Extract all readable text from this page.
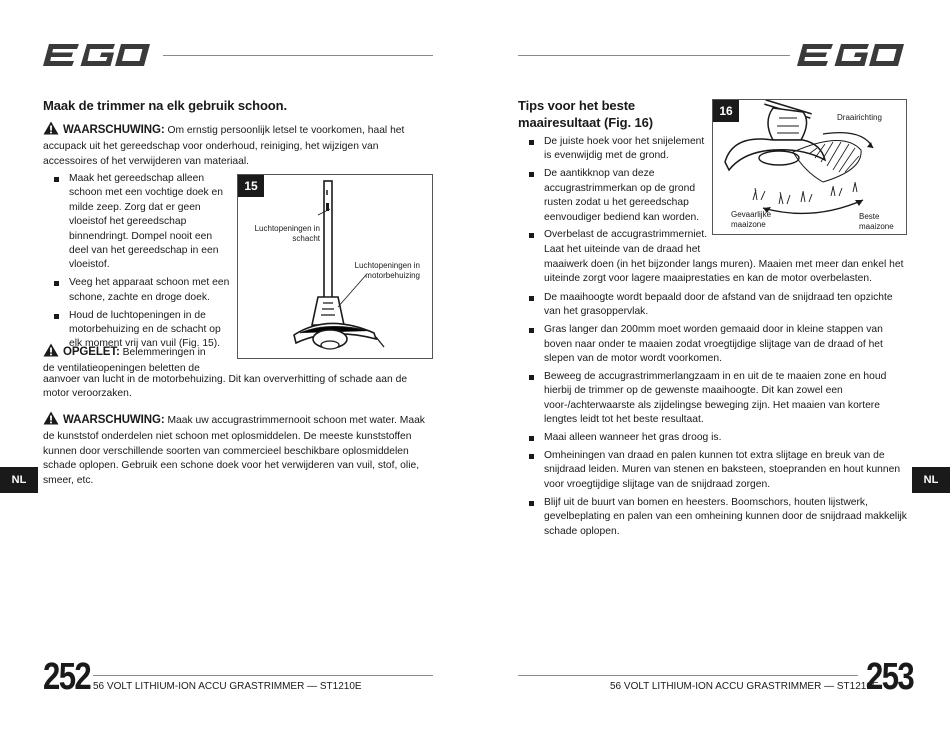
Maak de trimmer na elk gebruik schoon.
WAARSCHUWING: Om ernstig persoonlijk letsel te voorkomen, haal het accupack uit het gereedschap voor onderhoud, reiniging, het wijzigen van accessoires of het verwijderen van materiaal.
Maak het gereedschap alleen schoon met een vochtige doek en milde zeep. Zorg dat er geen vloeistof het gereedschap binnendringt. Dompel nooit een deel van het gereedschap in een vloeistof.
Veeg het apparaat schoon met een schone, zachte en droge doek.
Houd de luchtopeningen in de motorbehuizing en de schacht op elk moment vrij van vuil (Fig. 15).
15
Luchtopeningen in
schacht
Luchtopeningen in
motorbehuizing
OPGELET: Belemmeringen in
de ventilatieopeningen beletten de
aanvoer van lucht in de motorbehuizing. Dit kan oververhitting of schade aan de motor veroorzaken.
WAARSCHUWING: Maak uw accugrastrimmernooit schoon met water. Maak de kunststof onderdelen niet schoon met oplosmiddelen. De meeste kunststoffen kunnen door verschillende soorten van commercieel beschikbare oplosmiddelen schade oplopen. Gebruik een schone doek voor het verwijderen van vuil, stof, olie, smeer, etc.
NL
252 56 VOLT LITHIUM-ION ACCU GRASTRIMMER — ST1210E
Tips voor het beste
maairesultaat (Fig. 16)
De juiste hoek voor het snijelement is evenwijdig met de grond.
De aantikknop van deze accugrastrimmerkan op de grond rusten zodat u het gereedschap eenvoudiger bediend kan worden.
Overbelast de accugrastrimmerniet.
Laat het uiteinde van de draad het
maaiwerk doen (in het bijzonder langs muren). Maaien met meer dan enkel het uiteinde zorgt voor lagere maaiprestaties en kan de motor overbelasten.
De maaihoogte wordt bepaald door de afstand van de snijdraad ten opzichte van het grasoppervlak.
Gras langer dan 200mm moet worden gemaaid door in kleine stappen van boven naar onder te maaien zodat vroegtijdige slijtage van de draad of het slepen van de motor wordt voorkomen.
Beweeg de accugrastrimmerlangzaam in en uit de te maaien zone en houd hierbij de trimmer op de gewenste maaihoogte. Dit kan zowel een voor-/achterwaarste als zijdelingse beweging zijn. Het maaien van kortere lengtes leidt tot het beste resultaat.
Maai alleen wanneer het gras droog is.
Omheiningen van draad en palen kunnen tot extra slijtage en breuk van de snijdraad leiden. Muren van stenen en baksteen, stoepranden en hout kunnen voor vroegtijdige slijtage van de snijdraad zorgen.
Blijf uit de buurt van bomen en heesters. Boomschors, houten lijstwerk, gevelbeplating en palen van een omheining kunnen door de snijdraad makkelijk schade oplopen.
16	Draairichting
Gevaarlijke
maaizone
Beste
maaizone
NL
56 VOLT LITHIUM-ION ACCU GRASTRIMMER — ST1210E
253
